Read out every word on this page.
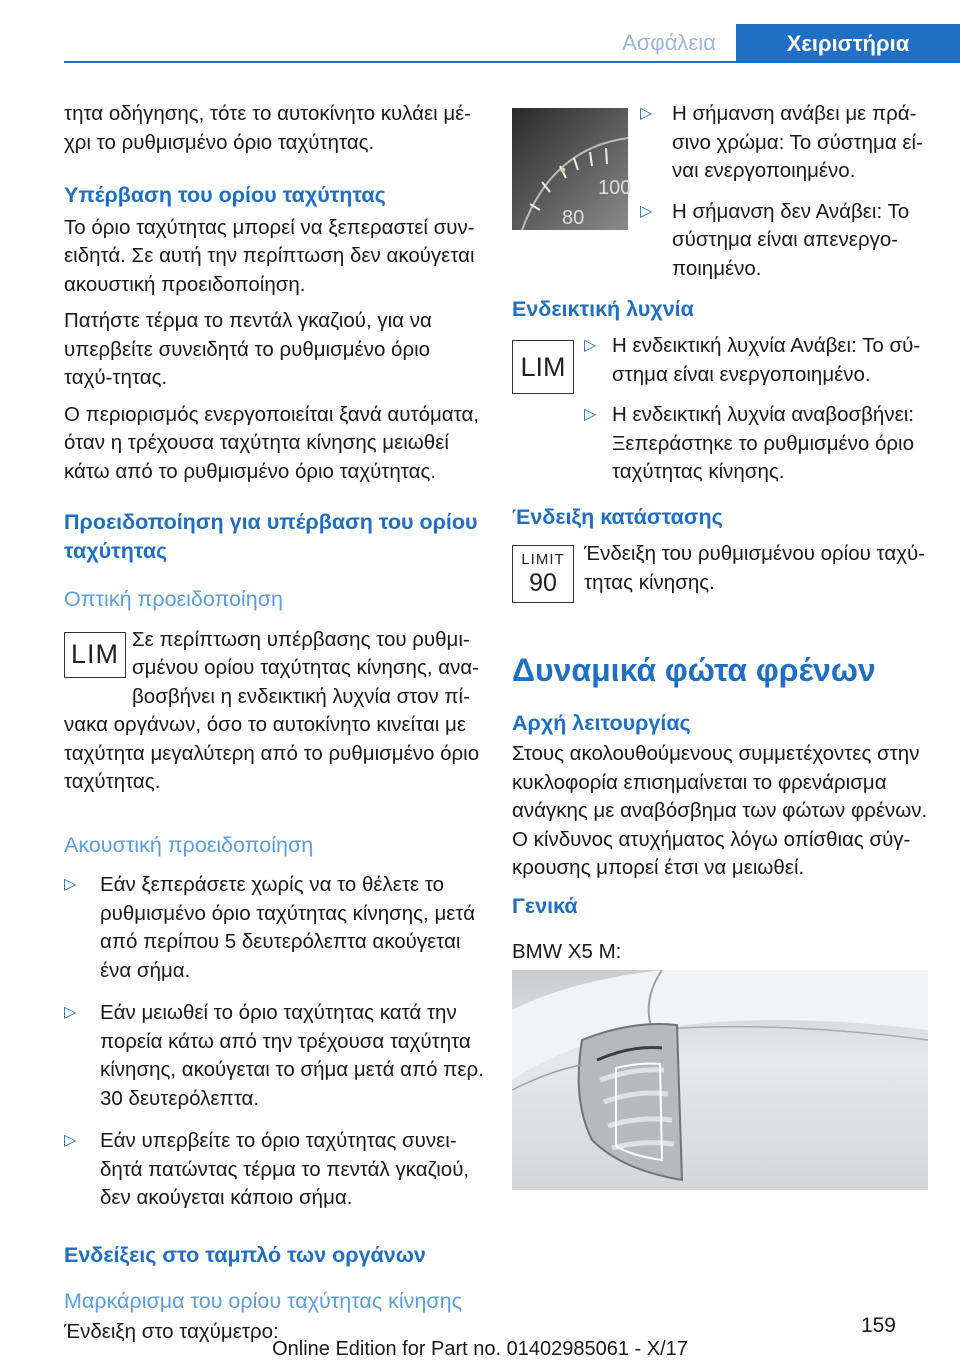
Ασφάλεια	Χειριστήρια

τητα οδήγησης, τότε το αυτοκίνητο κυλάει μέ-χρι το ρυθμισμένο όριο ταχύτητας.

Υπέρβαση του ορίου ταχύτητας

Το όριο ταχύτητας μπορεί να ξεπεραστεί συν-ειδητά. Σε αυτή την περίπτωση δεν ακούγεται ακουστική προειδοποίηση.

Πατήστε τέρμα το πεντάλ γκαζιού, για να υπερβείτε συνειδητά το ρυθμισμένο όριο ταχύ-τητας.

Ο περιορισμός ενεργοποιείται ξανά αυτόματα, όταν η τρέχουσα ταχύτητα κίνησης μειωθεί κάτω από το ρυθμισμένο όριο ταχύτητας.

Προειδοποίηση για υπέρβαση του ορίου ταχύτητας
Οπτική προειδοποίηση
LIM Σε περίπτωση υπέρβασης του ρυθμι-σμένου ορίου ταχύτητας κίνησης, ανα-βοσβήνει η ενδεικτική λυχνία στον πί-νακα οργάνων, όσο το αυτοκίνητο κινείται με ταχύτητα μεγαλύτερη από το ρυθμισμένο όριο ταχύτητας.

Ακουστική προειδοποίηση
▷	Εάν ξεπεράσετε χωρίς να το θέλετε το ρυθμισμένο όριο ταχύτητας κίνησης, μετά από περίπου 5 δευτερόλεπτα ακούγεται ένα σήμα.
▷	Εάν μειωθεί το όριο ταχύτητας κατά την πορεία κάτω από την τρέχουσα ταχύτητα κίνησης, ακούγεται το σήμα μετά από περ. 30 δευτερόλεπτα.
▷	Εάν υπερβείτε το όριο ταχύτητας συνει-δητά πατώντας τέρμα το πεντάλ γκαζιού, δεν ακούγεται κάποιο σήμα.
Ενδείξεις στο ταμπλό των οργάνων
Μαρκάρισμα του ορίου ταχύτητας κίνησης

Ένδειξη στο ταχύμετρο:

100
80
▷ Η σήμανση ανάβει με πρά-σινο χρώμα: Το σύστημα εί-ναι ενεργοποιημένο.
▷ Η σήμανση δεν Ανάβει: Το σύστημα είναι απενεργο-ποιημένο.
Ενδεικτική λυχνία
LIM
▷ Η ενδεικτική λυχνία Ανάβει: Το σύ-στημα είναι ενεργοποιημένο.
▷ Η ενδεικτική λυχνία αναβοσβήνει: Ξεπεράστηκε το ρυθμισμένο όριο ταχύτητας κίνησης.
Ένδειξη κατάστασης
LIMIT
90

Ένδειξη του ρυθμισμένου ορίου ταχύ-τητας κίνησης.

Δυναμικά φώτα φρένων
Αρχή λειτουργίας

Στους ακολουθούμενους συμμετέχοντες στην κυκλοφορία επισημαίνεται το φρενάρισμα ανάγκης με αναβόσβημα των φώτων φρένων. Ο κίνδυνος ατυχήματος λόγω οπίσθιας σύγ-κρουσης μπορεί έτσι να μειωθεί.

Γενικά

BMW X5 M:

159
Online Edition for Part no. 01402985061 - X/17
